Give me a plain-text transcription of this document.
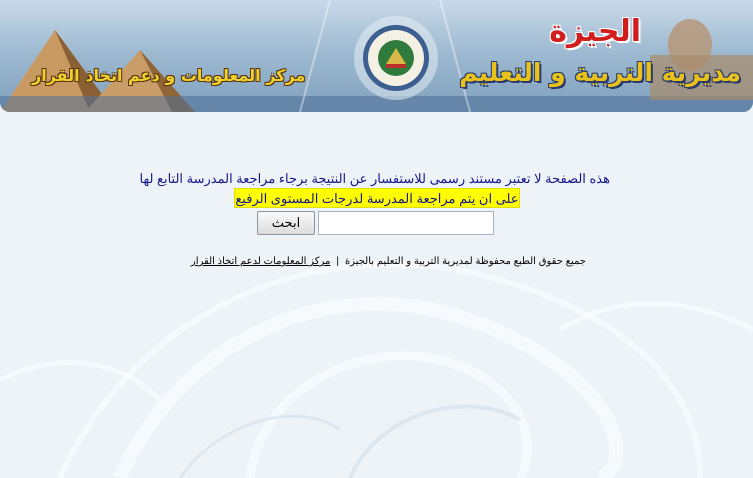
الجيزة
مديرية التربية و التعليم
مركز المعلومات و دعم اتخاذ القرار
هذه الصفحة لا تعتبر مستند رسمى للاستفسار عن النتيجة برجاء مراجعة المدرسة التابع لها
على ان يتم مراجعة المدرسة لدرجات المستوى الرفيع
ابحث
جميع حقوق الطبع محفوظة لمديرية التربية و التعليم بالجيزة|مركز المعلومات لدعم اتخاذ القرار
